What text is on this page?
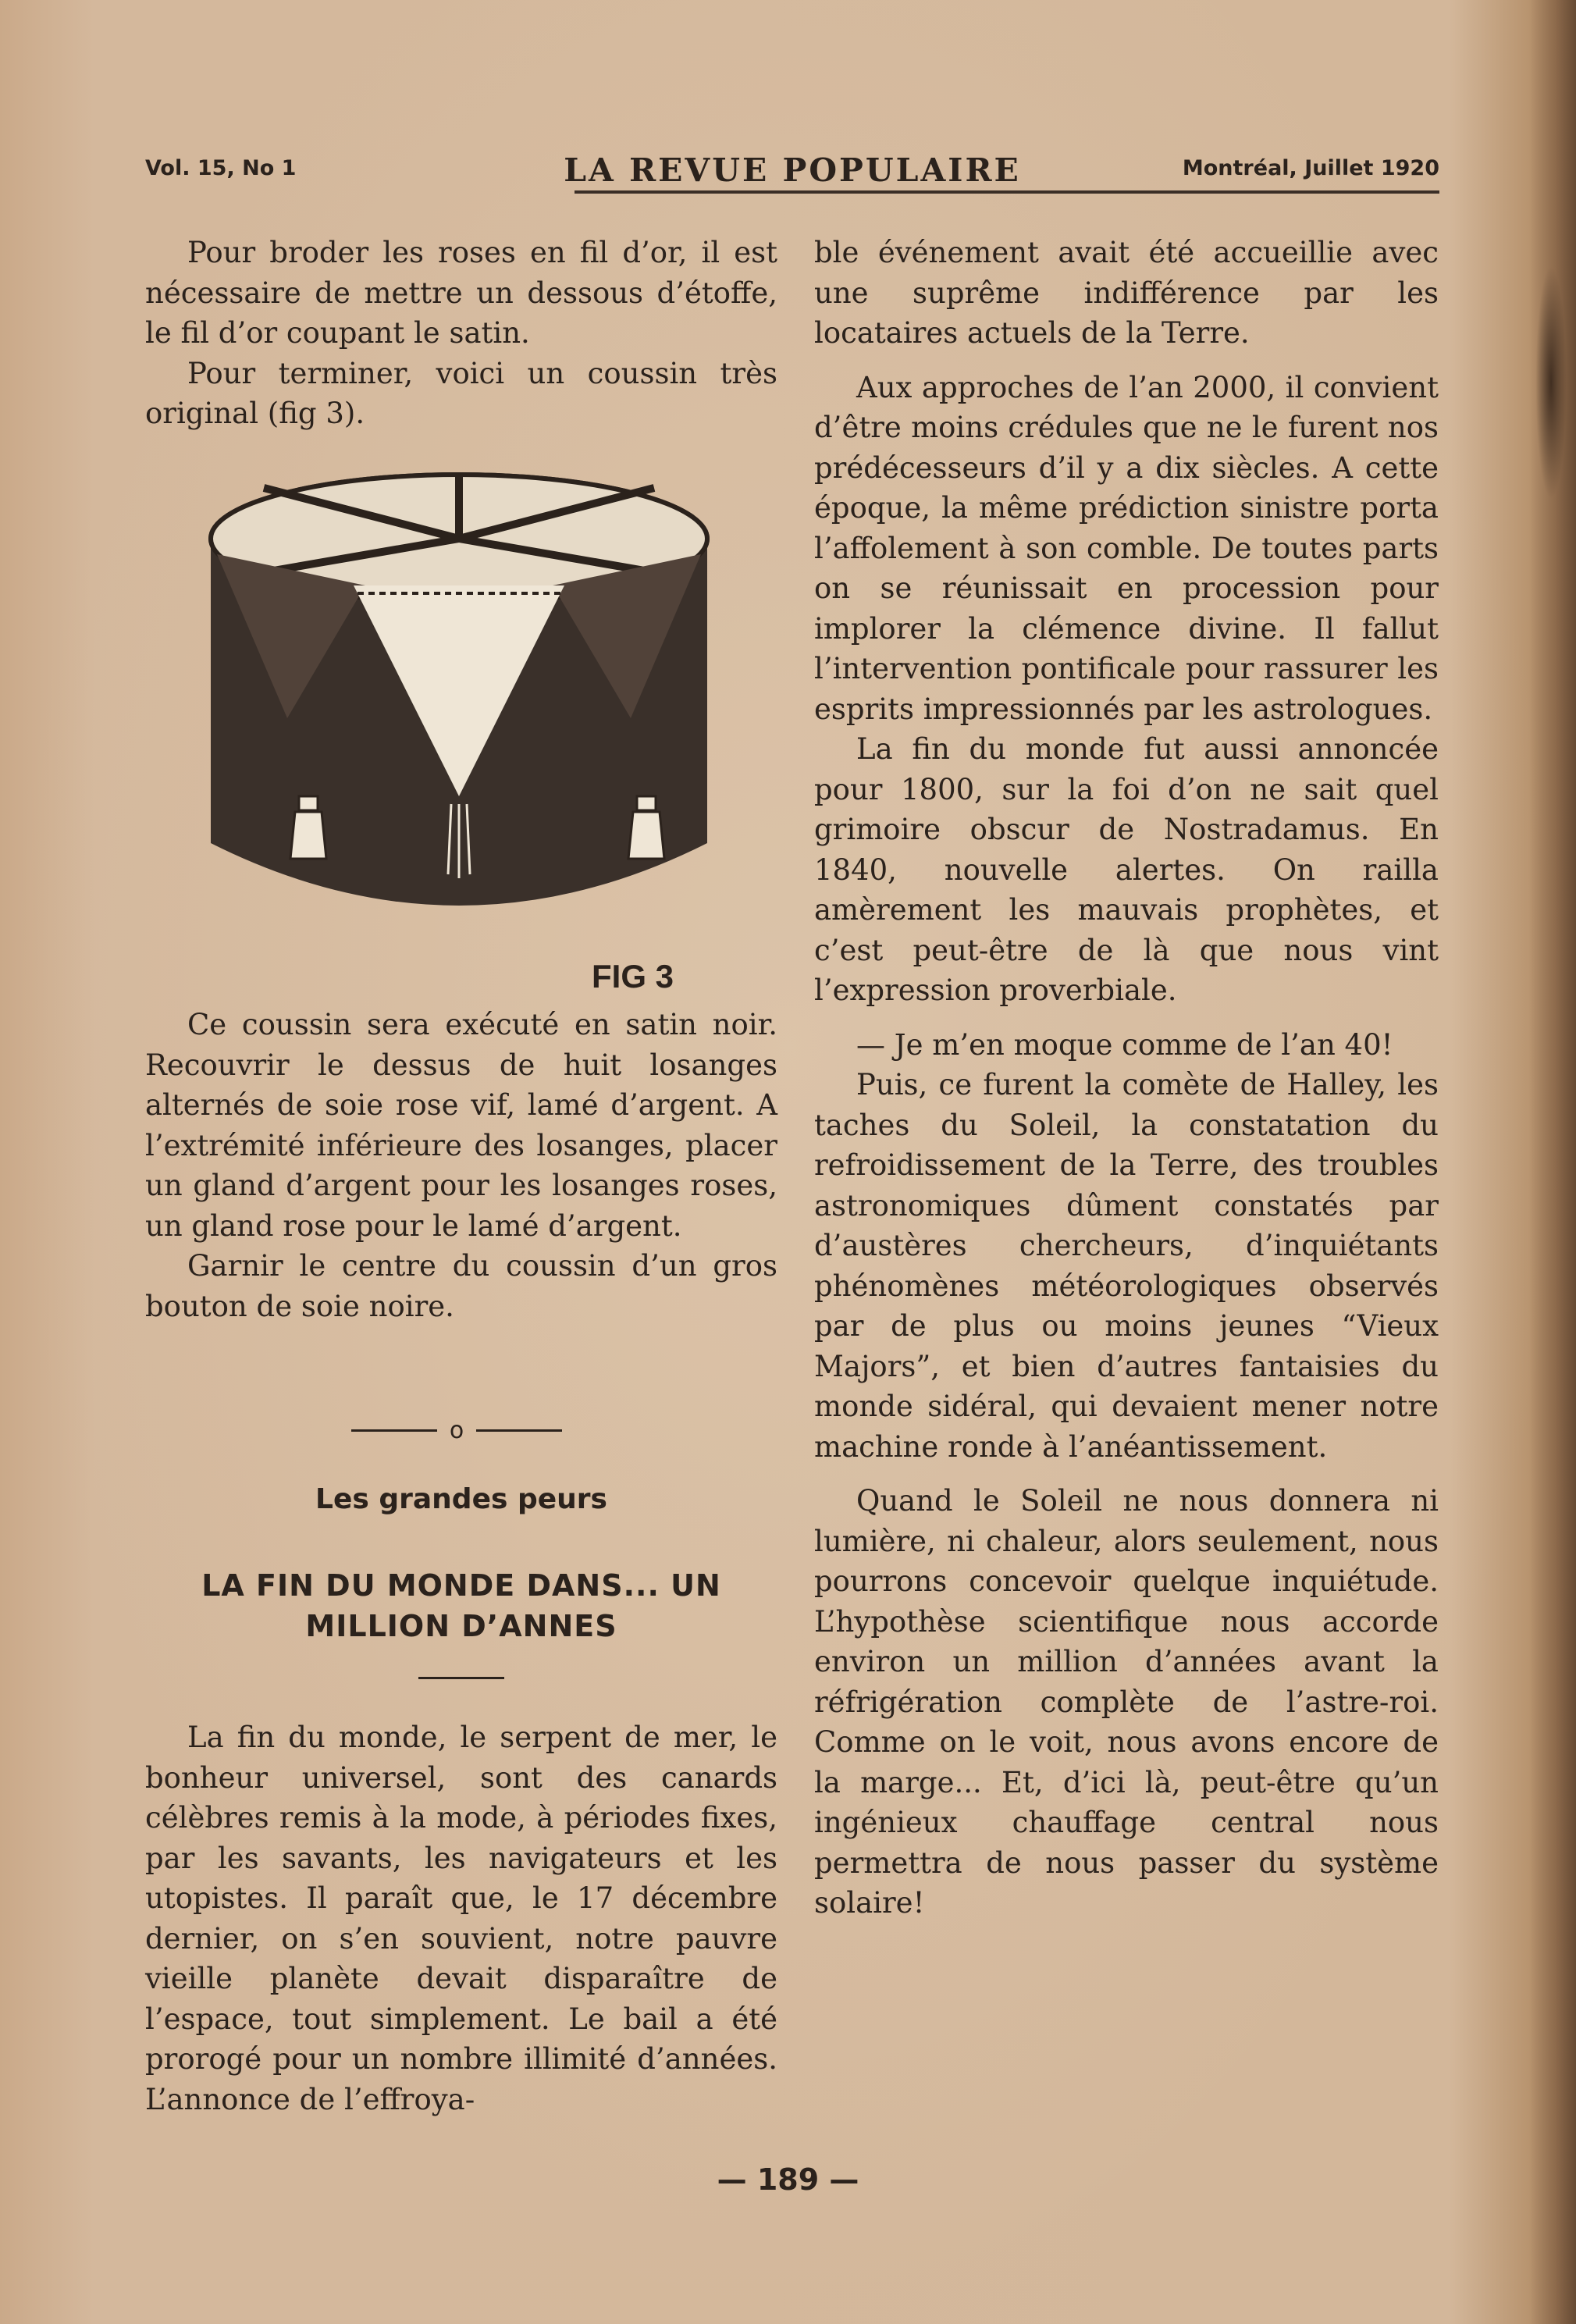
Vol. 15, No 1	LA REVUE POPULAIRE	Montréal, Juillet 1920

Pour broder les roses en fil d’or, il est nécessaire de mettre un dessous d’étoffe, le fil d’or coupant le satin.

Pour terminer, voici un coussin très original (fig 3).

FIG 3

Ce coussin sera exécuté en satin noir. Recouvrir le dessus de huit losanges alternés de soie rose vif, lamé d’argent. A l’extrémité inférieure des losanges, placer un gland d’argent pour les losanges roses, un gland rose pour le lamé d’argent.

Garnir le centre du coussin d’un gros bouton de soie noire.

o
Les grandes peurs
LA FIN DU MONDE DANS... UN MILLION D’ANNES

La fin du monde, le serpent de mer, le bonheur universel, sont des canards célèbres remis à la mode, à périodes fixes, par les savants, les navigateurs et les utopistes. Il paraît que, le 17 décembre dernier, on s’en souvient, notre pauvre vieille planète devait disparaître de l’espace, tout simplement. Le bail a été prorogé pour un nombre illimité d’années. L’annonce de l’effroya-

ble événement avait été accueillie avec une suprême indifférence par les locataires actuels de la Terre.

Aux approches de l’an 2000, il convient d’être moins crédules que ne le furent nos prédécesseurs d’il y a dix siècles. A cette époque, la même prédiction sinistre porta l’affolement à son comble. De toutes parts on se réunissait en procession pour implorer la clémence divine. Il fallut l’intervention pontificale pour rassurer les esprits impressionnés par les astrologues.

La fin du monde fut aussi annoncée pour 1800, sur la foi d’on ne sait quel grimoire obscur de Nostradamus. En 1840, nouvelle alertes. On railla amèrement les mauvais prophètes, et c’est peut-être de là que nous vint l’expression proverbiale.

— Je m’en moque comme de l’an 40!

Puis, ce furent la comète de Halley, les taches du Soleil, la constatation du refroidissement de la Terre, des troubles astronomiques dûment constatés par d’austères chercheurs, d’inquiétants phénomènes météorologiques observés par de plus ou moins jeunes “Vieux Majors”, et bien d’autres fantaisies du monde sidéral, qui devaient mener notre machine ronde à l’anéantissement.

Quand le Soleil ne nous donnera ni lumière, ni chaleur, alors seulement, nous pourrons concevoir quelque inquiétude. L’hypothèse scientifique nous accorde environ un million d’années avant la réfrigération complète de l’astre-roi. Comme on le voit, nous avons encore de la marge... Et, d’ici là, peut-être qu’un ingénieux chauffage central nous permettra de nous passer du système solaire!

— 189 —
